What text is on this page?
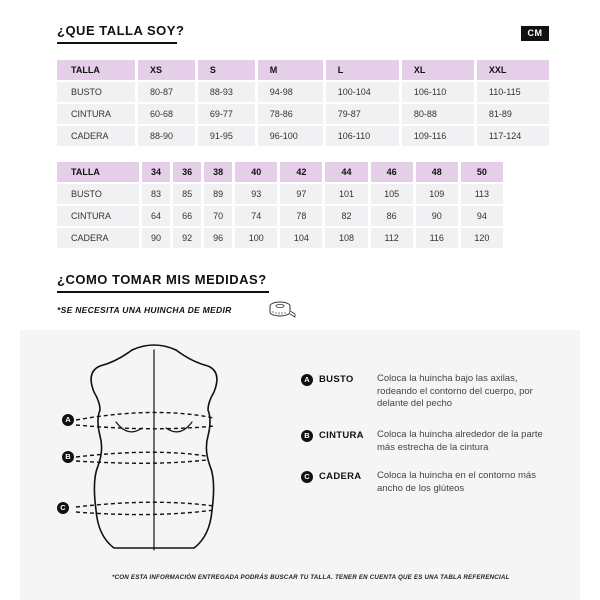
¿QUE TALLA SOY?	CM
TALLA	XS	S	M	L	XL	XXL
BUSTO	80-87	88-93	94-98	100-104	106-110	110-115
CINTURA	60-68	69-77	78-86	79-87	80-88	81-89
CADERA	88-90	91-95	96-100	106-110	109-116	117-124
TALLA	34	36	38	40	42	44	46	48	50
BUSTO	83	85	89	93	97	101	105	109	113
CINTURA	64	66	70	74	78	82	86	90	94
CADERA	90	92	96	100	104	108	112	116	120
¿COMO TOMAR MIS MEDIDAS?
*SE NECESITA UNA HUINCHA DE MEDIR
A
B
C
A BUSTO Coloca la huincha bajo las axilas, rodeando el contorno del cuerpo, por delante del pecho
B CINTURA Coloca la huincha alrededor de la parte más estrecha de la cintura
C CADERA Coloca la huincha en el contorno más ancho de los glúteos
*CON ESTA INFORMACIÓN ENTREGADA PODRÁS BUSCAR TU TALLA. TENER EN CUENTA QUE ES UNA TABLA REFERENCIAL
